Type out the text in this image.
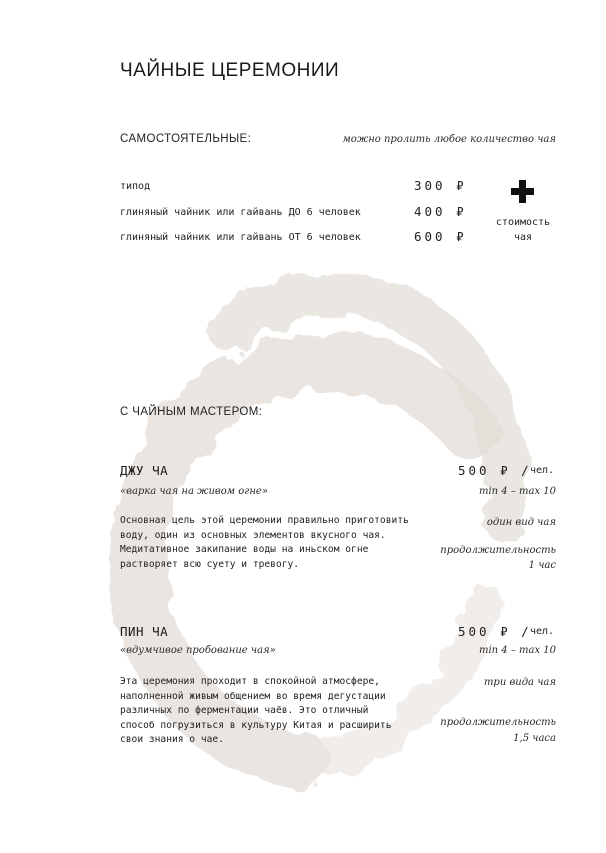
ЧАЙНЫЕ ЦЕРЕМОНИИ
САМОСТОЯТЕЛЬНЫЕ:	можно пролить любое количество чая
типод	300 ₽
глиняный чайник или гайвань ДО 6 человек	400 ₽
глиняный чайник или гайвань ОТ 6 человек	600 ₽
стоимость
чая
С ЧАЙНЫМ МАСТЕРОМ:
ДЖУ ЧА	500 ₽ ∕
чел.
«варка чая на живом огне»	min 4 – max 10
Основная цель этой церемонии правильно приготовить воду, один из основных элементов вкусного чая. Медитативное закипание воды на иньском огне растворяет всю суету и тревогу.
один вид чая
продолжительность
1 час
ПИН ЧА	500 ₽ ∕
чел.
«вдумчивое пробование чая»	min 4 – max 10
Эта церемония проходит в спокойной атмосфере, наполненной живым общением во время дегустации различных по ферментации чаёв. Это отличный способ погрузиться в культуру Китая и расширить свои знания о чае.
три вида чая
продолжительность
1,5 часа
